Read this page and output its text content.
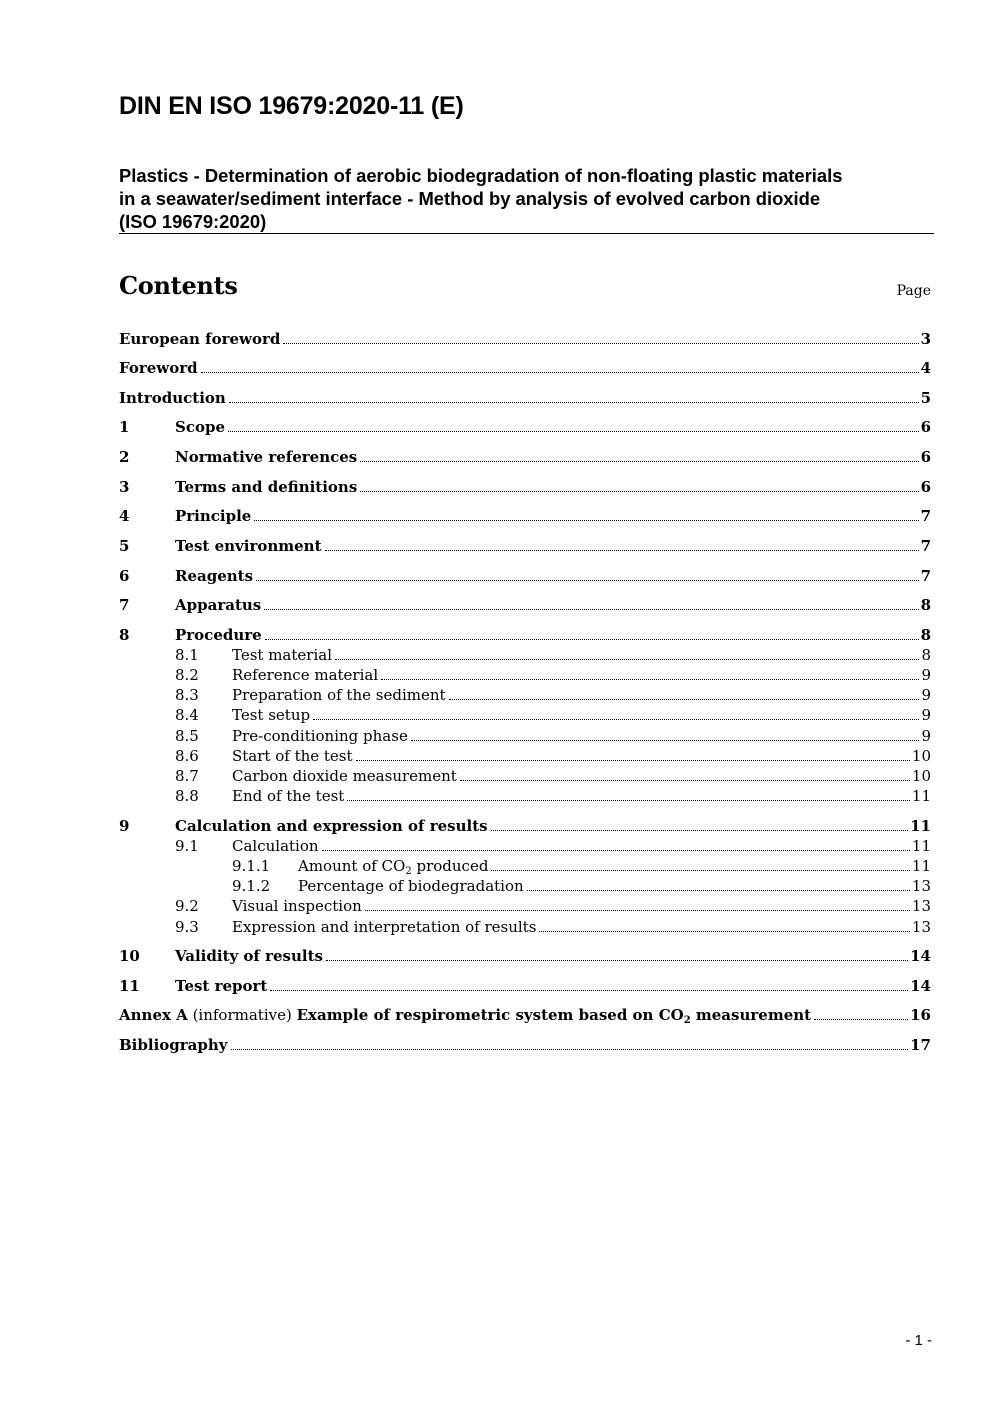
DIN EN ISO 19679:2020-11 (E)
Plastics - Determination of aerobic biodegradation of non-floating plastic materials
in a seawater/sediment interface - Method by analysis of evolved carbon dioxide
(ISO 19679:2020)
Contents	Page
European foreword	3
Foreword	4
Introduction	5
1	Scope	6
2	Normative references	6
3	Terms and definitions	6
4	Principle	7
5	Test environment	7
6	Reagents	7
7	Apparatus	8
8	Procedure	8
8.1	Test material	8
8.2	Reference material	9
8.3	Preparation of the sediment	9
8.4	Test setup	9
8.5	Pre-conditioning phase	9
8.6	Start of the test	10
8.7	Carbon dioxide measurement	10
8.8	End of the test	11
9	Calculation and expression of results	11
9.1	Calculation	11
9.1.1	Amount of $CO_2$ produced	11
9.1.2	Percentage of biodegradation	13
9.2	Visual inspection	13
9.3	Expression and interpretation of results	13
10	Validity of results	14
11	Test report	14
Annex A (informative) Example of respirometric system based on $CO_2$ measurement	16
Bibliography	17
- 1 -
